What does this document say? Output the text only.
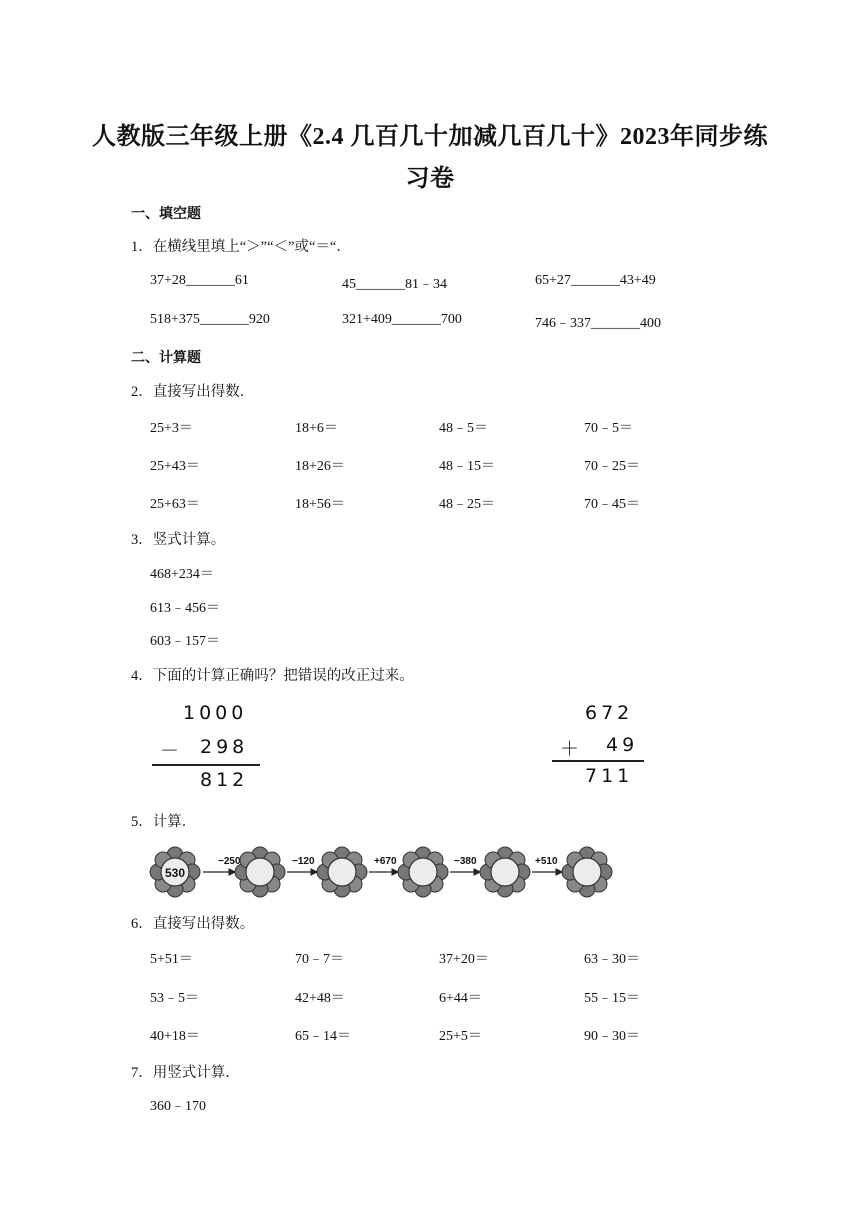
人教版三年级上册《2.4 几百几十加减几百几十》2023年同步练
习卷
一、填空题
1．在横线里填上“＞”“＜”或“＝“．
37+28_______61	45_______81﹣34	65+27_______43+49
518+375_______920	321+409_______700	746﹣337_______400
二、计算题
2．直接写出得数．
25+3＝	18+6＝	48﹣5＝	70﹣5＝
25+43＝	18+26＝	48﹣15＝	70﹣25＝
25+63＝	18+56＝	48﹣25＝	70﹣45＝
3．竖式计算。
468+234＝
613﹣456＝
603﹣157＝
4．下面的计算正确吗？把错误的改正过来。
1000
－ 298
812
672
＋ 49
711
5．计算．
530
−250	−120	+670	−380	+510
6．直接写出得数。
5+51＝	70﹣7＝	37+20＝	63﹣30＝
53﹣5＝	42+48＝	6+44＝	55﹣15＝
40+18＝	65﹣14＝	25+5＝	90﹣30＝
7．用竖式计算．
360﹣170
